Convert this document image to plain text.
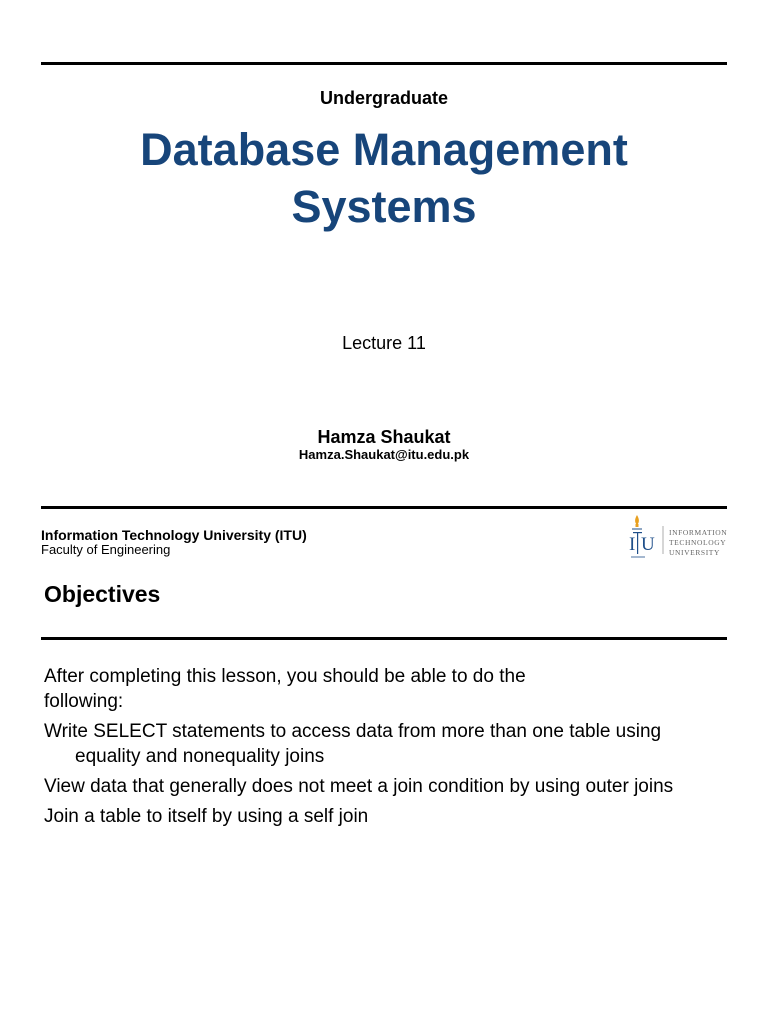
Undergraduate
Database Management
Systems
Lecture 11
Hamza Shaukat
Hamza.Shaukat@itu.edu.pk
Information Technology University (ITU)
Faculty of Engineering	I U
INFORMATION
TECHNOLOGY
UNIVERSITY
Objectives

After completing this lesson, you should be able to do the following:

Write SELECT statements to access data from more than one table using equality and nonequality joins

View data that generally does not meet a join condition by using outer joins

Join a table to itself by using a self join
